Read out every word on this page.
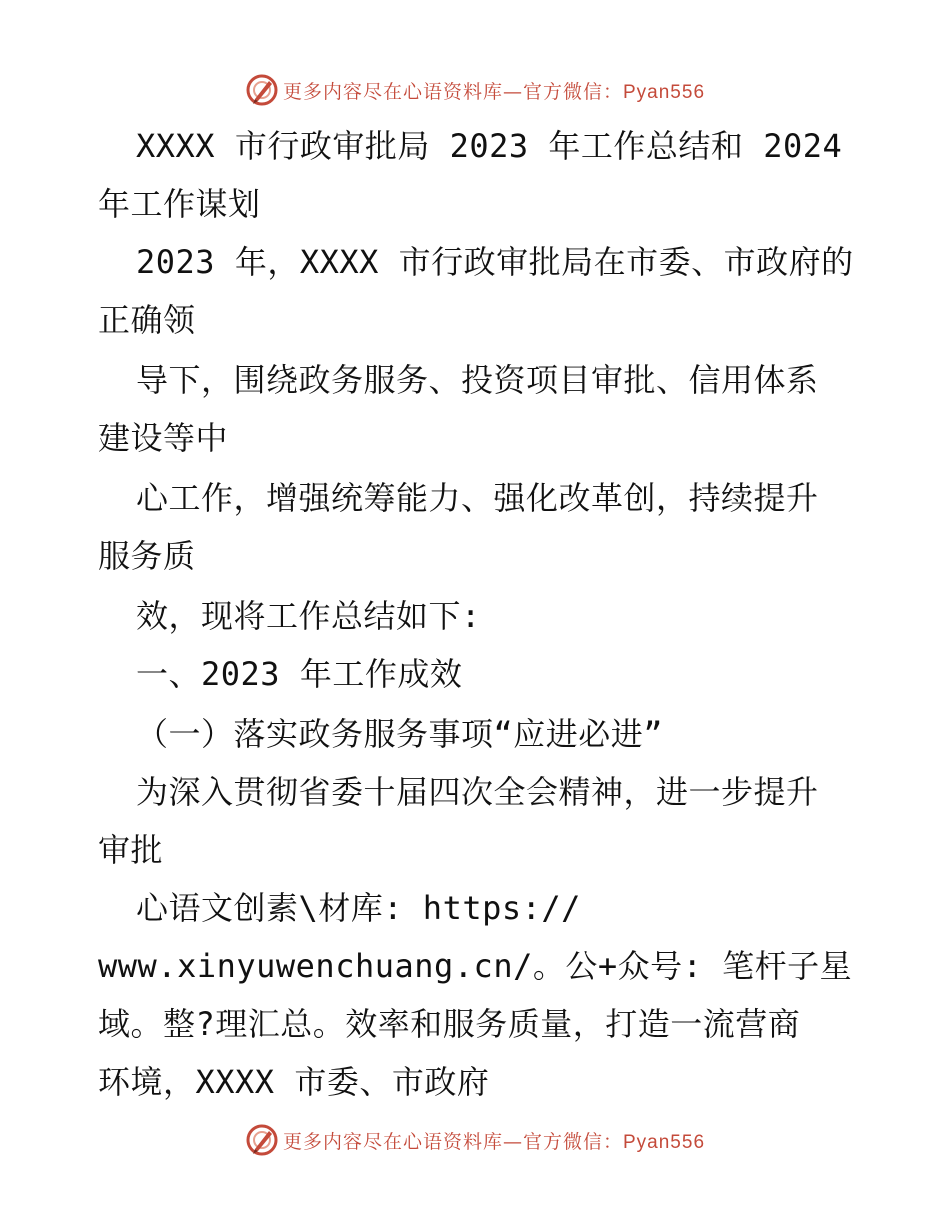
更多内容尽在心语资料库—官方微信：Pyan556
XXXX 市行政审批局 2023 年工作总结和 2024
年工作谋划
2023 年，XXXX 市行政审批局在市委、市政府的
正确领
导下，围绕政务服务、投资项目审批、信用体系
建设等中
心工作，增强统筹能力、强化改革创，持续提升
服务质
效，现将工作总结如下:
一、2023 年工作成效
（一）落实政务服务事项“应进必进”
为深入贯彻省委十届四次全会精神，进一步提升
审批
心语文创素\材库: https://
www.xinyuwenchuang.cn/。公+众号: 笔杆子星
域。整?理汇总。效率和服务质量，打造一流营商
环境，XXXX 市委、市政府
更多内容尽在心语资料库—官方微信：Pyan556
